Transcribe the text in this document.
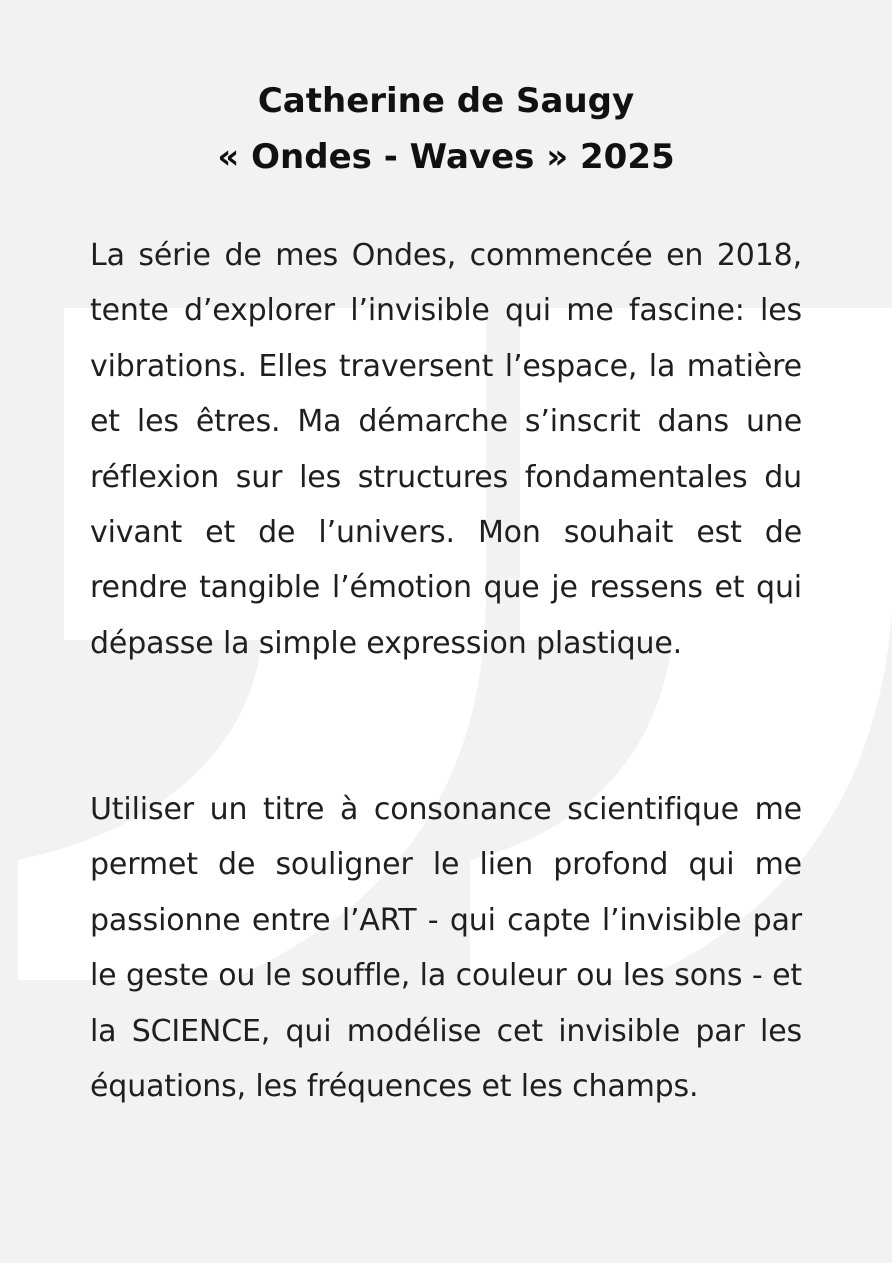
Catherine de Saugy
« Ondes - Waves » 2025
La série de mes Ondes, commencée en 2018, tente d’explorer l’invisible qui me fascine: les vibrations. Elles traversent l’espace, la matière et les êtres. Ma démarche s’inscrit dans une réflexion sur les structures fondamentales du vivant et de l’univers. Mon souhait est de rendre tangible l’émotion que je ressens et qui dépasse la simple expression plastique.
Utiliser un titre à consonance scientifique me permet de souligner le lien profond qui me passionne entre l’ART - qui capte l’invisible par le geste ou le souffle, la couleur ou les sons - et la SCIENCE, qui modélise cet invisible par les équations, les fréquences et les champs.
